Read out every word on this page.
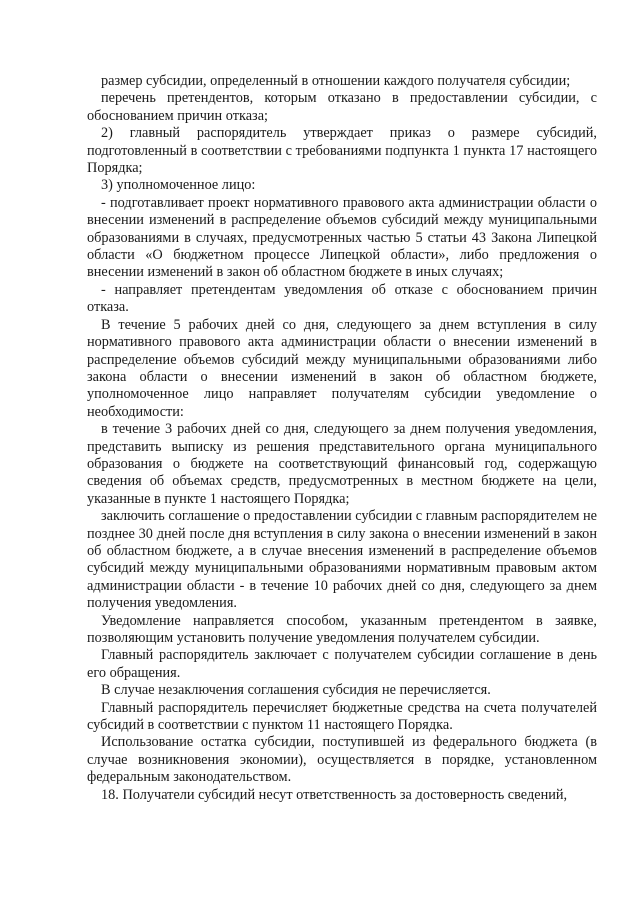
размер субсидии, определенный в отношении каждого получателя субсидии;

перечень претендентов, которым отказано в предоставлении субсидии, с обоснованием причин отказа;

2) главный распорядитель утверждает приказ о размере субсидий, подготовленный в соответствии с требованиями подпункта 1 пункта 17 настоящего Порядка;

3) уполномоченное лицо:

- подготавливает проект нормативного правового акта администрации области о внесении изменений в распределение объемов субсидий между муниципальными образованиями в случаях, предусмотренных частью 5 статьи 43 Закона Липецкой области «О бюджетном процессе Липецкой области», либо предложения о внесении изменений в закон об областном бюджете в иных случаях;

- направляет претендентам уведомления об отказе с обоснованием причин отказа.

В течение 5 рабочих дней со дня, следующего за днем вступления в силу нормативного правового акта администрации области о внесении изменений в распределение объемов субсидий между муниципальными образованиями либо закона области о внесении изменений в закон об областном бюджете, уполномоченное лицо направляет получателям субсидии уведомление о необходимости:

в течение 3 рабочих дней со дня, следующего за днем получения уведомления, представить выписку из решения представительного органа муниципального образования о бюджете на соответствующий финансовый год, содержащую сведения об объемах средств, предусмотренных в местном бюджете на цели, указанные в пункте 1 настоящего Порядка;

заключить соглашение о предоставлении субсидии с главным распорядителем не позднее 30 дней после дня вступления в силу закона о внесении изменений в закон об областном бюджете, а в случае внесения изменений в распределение объемов субсидий между муниципальными образованиями нормативным правовым актом администрации области - в течение 10 рабочих дней со дня, следующего за днем получения уведомления.

Уведомление направляется способом, указанным претендентом в заявке, позволяющим установить получение уведомления получателем субсидии.

Главный распорядитель заключает с получателем субсидии соглашение в день его обращения.

В случае незаключения соглашения субсидия не перечисляется.

Главный распорядитель перечисляет бюджетные средства на счета получателей субсидий в соответствии с пунктом 11 настоящего Порядка.

Использование остатка субсидии, поступившей из федерального бюджета (в случае возникновения экономии), осуществляется в порядке, установленном федеральным законодательством.

18. Получатели субсидий несут ответственность за достоверность сведений,
